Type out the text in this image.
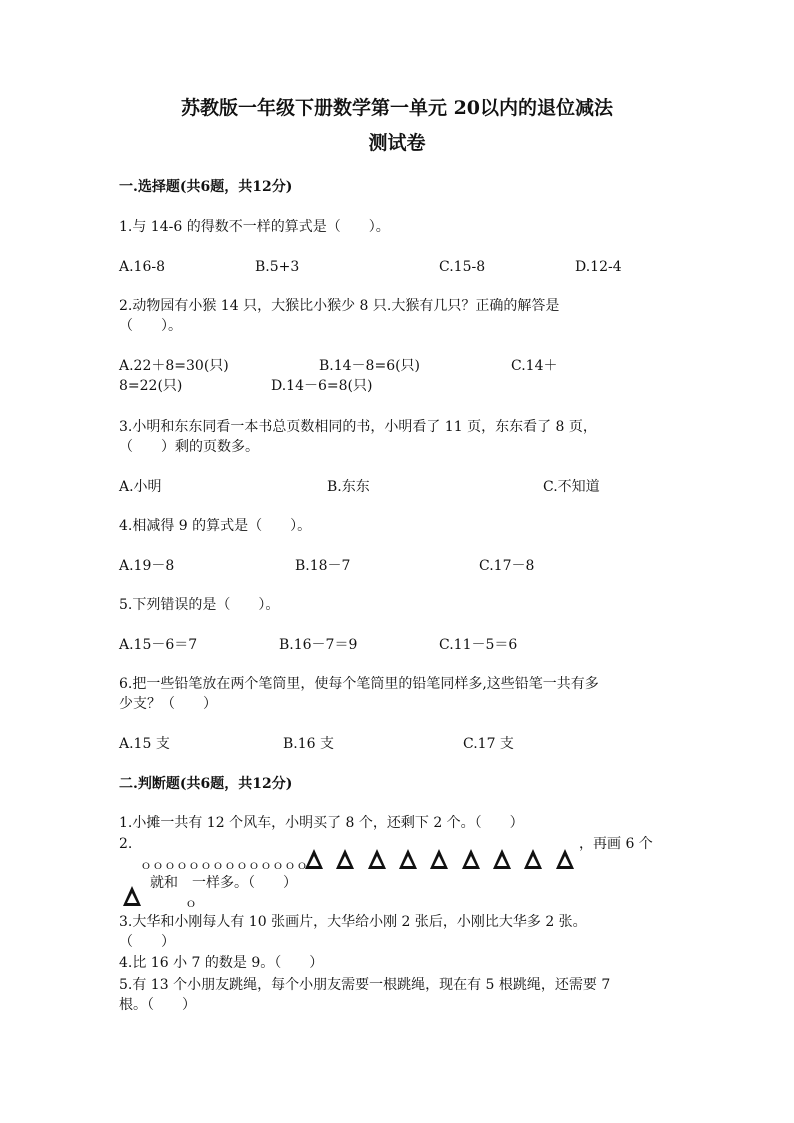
苏教版一年级下册数学第一单元 20以内的退位减法
测试卷
一.选择题(共6题，共12分)
1.与 14-6 的得数不一样的算式是（　　）。
A.16-8	B.5+3	C.15-8	D.12-4
2.动物园有小猴 14 只，大猴比小猴少 8 只.大猴有几只？正确的解答是
（　　）。
A.22＋8=30(只)	B.14－8=6(只)	C.14＋
8=22(只)	D.14－6=8(只)
3.小明和东东同看一本书总页数相同的书，小明看了 11 页，东东看了 8 页，
（　　）剩的页数多。
A.小明	B.东东	C.不知道
4.相减得 9 的算式是（　　）。
A.19－8	B.18－7	C.17－8
5.下列错误的是（　　）。
A.15－6＝7	B.16－7＝9	C.11－5＝6
6.把一些铅笔放在两个笔筒里，使每个笔筒里的铅笔同样多,这些铅笔一共有多
少支？（　　）
A.15 支	B.16 支	C.17 支
二.判断题(共6题，共12分)
1.小摊一共有 12 个风车，小明买了 8 个，还剩下 2 个。（　　）
2.
ｏｏｏｏｏｏｏｏｏｏｏｏｏｏ
，再画 6 个
就和　一样多。（　　）
ｏ
3.大华和小刚每人有 10 张画片，大华给小刚 2 张后，小刚比大华多 2 张。
（　　）
4.比 16 小 7 的数是 9。（　　）
5.有 13 个小朋友跳绳，每个小朋友需要一根跳绳，现在有 5 根跳绳，还需要 7
根。（　　）
